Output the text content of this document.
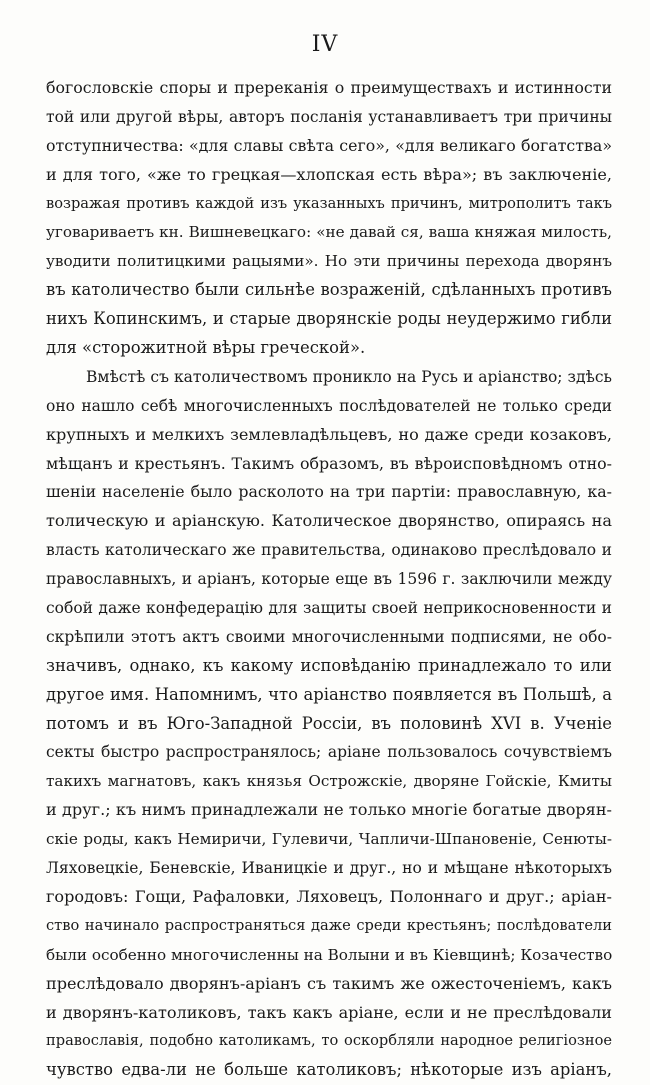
IV
богословскіе споры и пререканія о преимуществахъ и истинности
той или другой вѣры, авторъ посланія устанавливаетъ три причины
отступничества: «для славы свѣта сего», «для великаго богатства»
и для того, «же то грецкая—хлопская есть вѣра»; въ заключеніе,
возражая противъ каждой изъ указанныхъ причинъ, митрополитъ такъ
уговариваетъ кн. Вишневецкаго: «не давай ся, ваша княжая милость,
уводити политицкими рацыями». Но эти причины перехода дворянъ
въ католичество были сильнѣе возраженій, сдѣланныхъ противъ
нихъ Копинскимъ, и старые дворянскіе роды неудержимо гибли
для «сторожитной вѣры греческой».
Вмѣстѣ съ католичествомъ проникло на Русь и аріанство; здѣсь
оно нашло себѣ многочисленныхъ послѣдователей не только среди
крупныхъ и мелкихъ землевладѣльцевъ, но даже среди козаковъ,
мѣщанъ и крестьянъ. Такимъ образомъ, въ вѣроисповѣдномъ отно-
шеніи населеніе было расколото на три партіи: православную, ка-
толическую и аріанскую. Католическое дворянство, опираясь на
власть католическаго же правительства, одинаково преслѣдовало и
православныхъ, и аріанъ, которые еще въ 1596 г. заключили между
собой даже конфедерацію для защиты своей неприкосновенности и
скрѣпили этотъ актъ своими многочисленными подписями, не обо-
значивъ, однако, къ какому исповѣданію принадлежало то или
другое имя. Напомнимъ, что аріанство появляется въ Польшѣ, а
потомъ и въ Юго-Западной Россіи, въ половинѣ XVI в. Ученіе
секты быстро распространялось; аріане пользовалось сочувствіемъ
такихъ магнатовъ, какъ князья Острожскіе, дворяне Гойскіе, Кмиты
и друг.; къ нимъ принадлежали не только многіе богатые дворян-
скіе роды, какъ Немиричи, Гулевичи, Чапличи-Шпановеніе, Сенюты-
Ляховецкіе, Беневскіе, Иваницкіе и друг., но и мѣщане нѣкоторыхъ
городовъ: Гощи, Рафаловки, Ляховецъ, Полоннаго и друг.; аріан-
ство начинало распространяться даже среди крестьянъ; послѣдователи
были особенно многочисленны на Волыни и въ Кіевщинѣ; Козачество
преслѣдовало дворянъ-аріанъ съ такимъ же ожесточеніемъ, какъ
и дворянъ-католиковъ, такъ какъ аріане, если и не преслѣдовали
православія, подобно католикамъ, то оскорбляли народное религіозное
чувство едва-ли не больше католиковъ; нѣкоторые изъ аріанъ,
